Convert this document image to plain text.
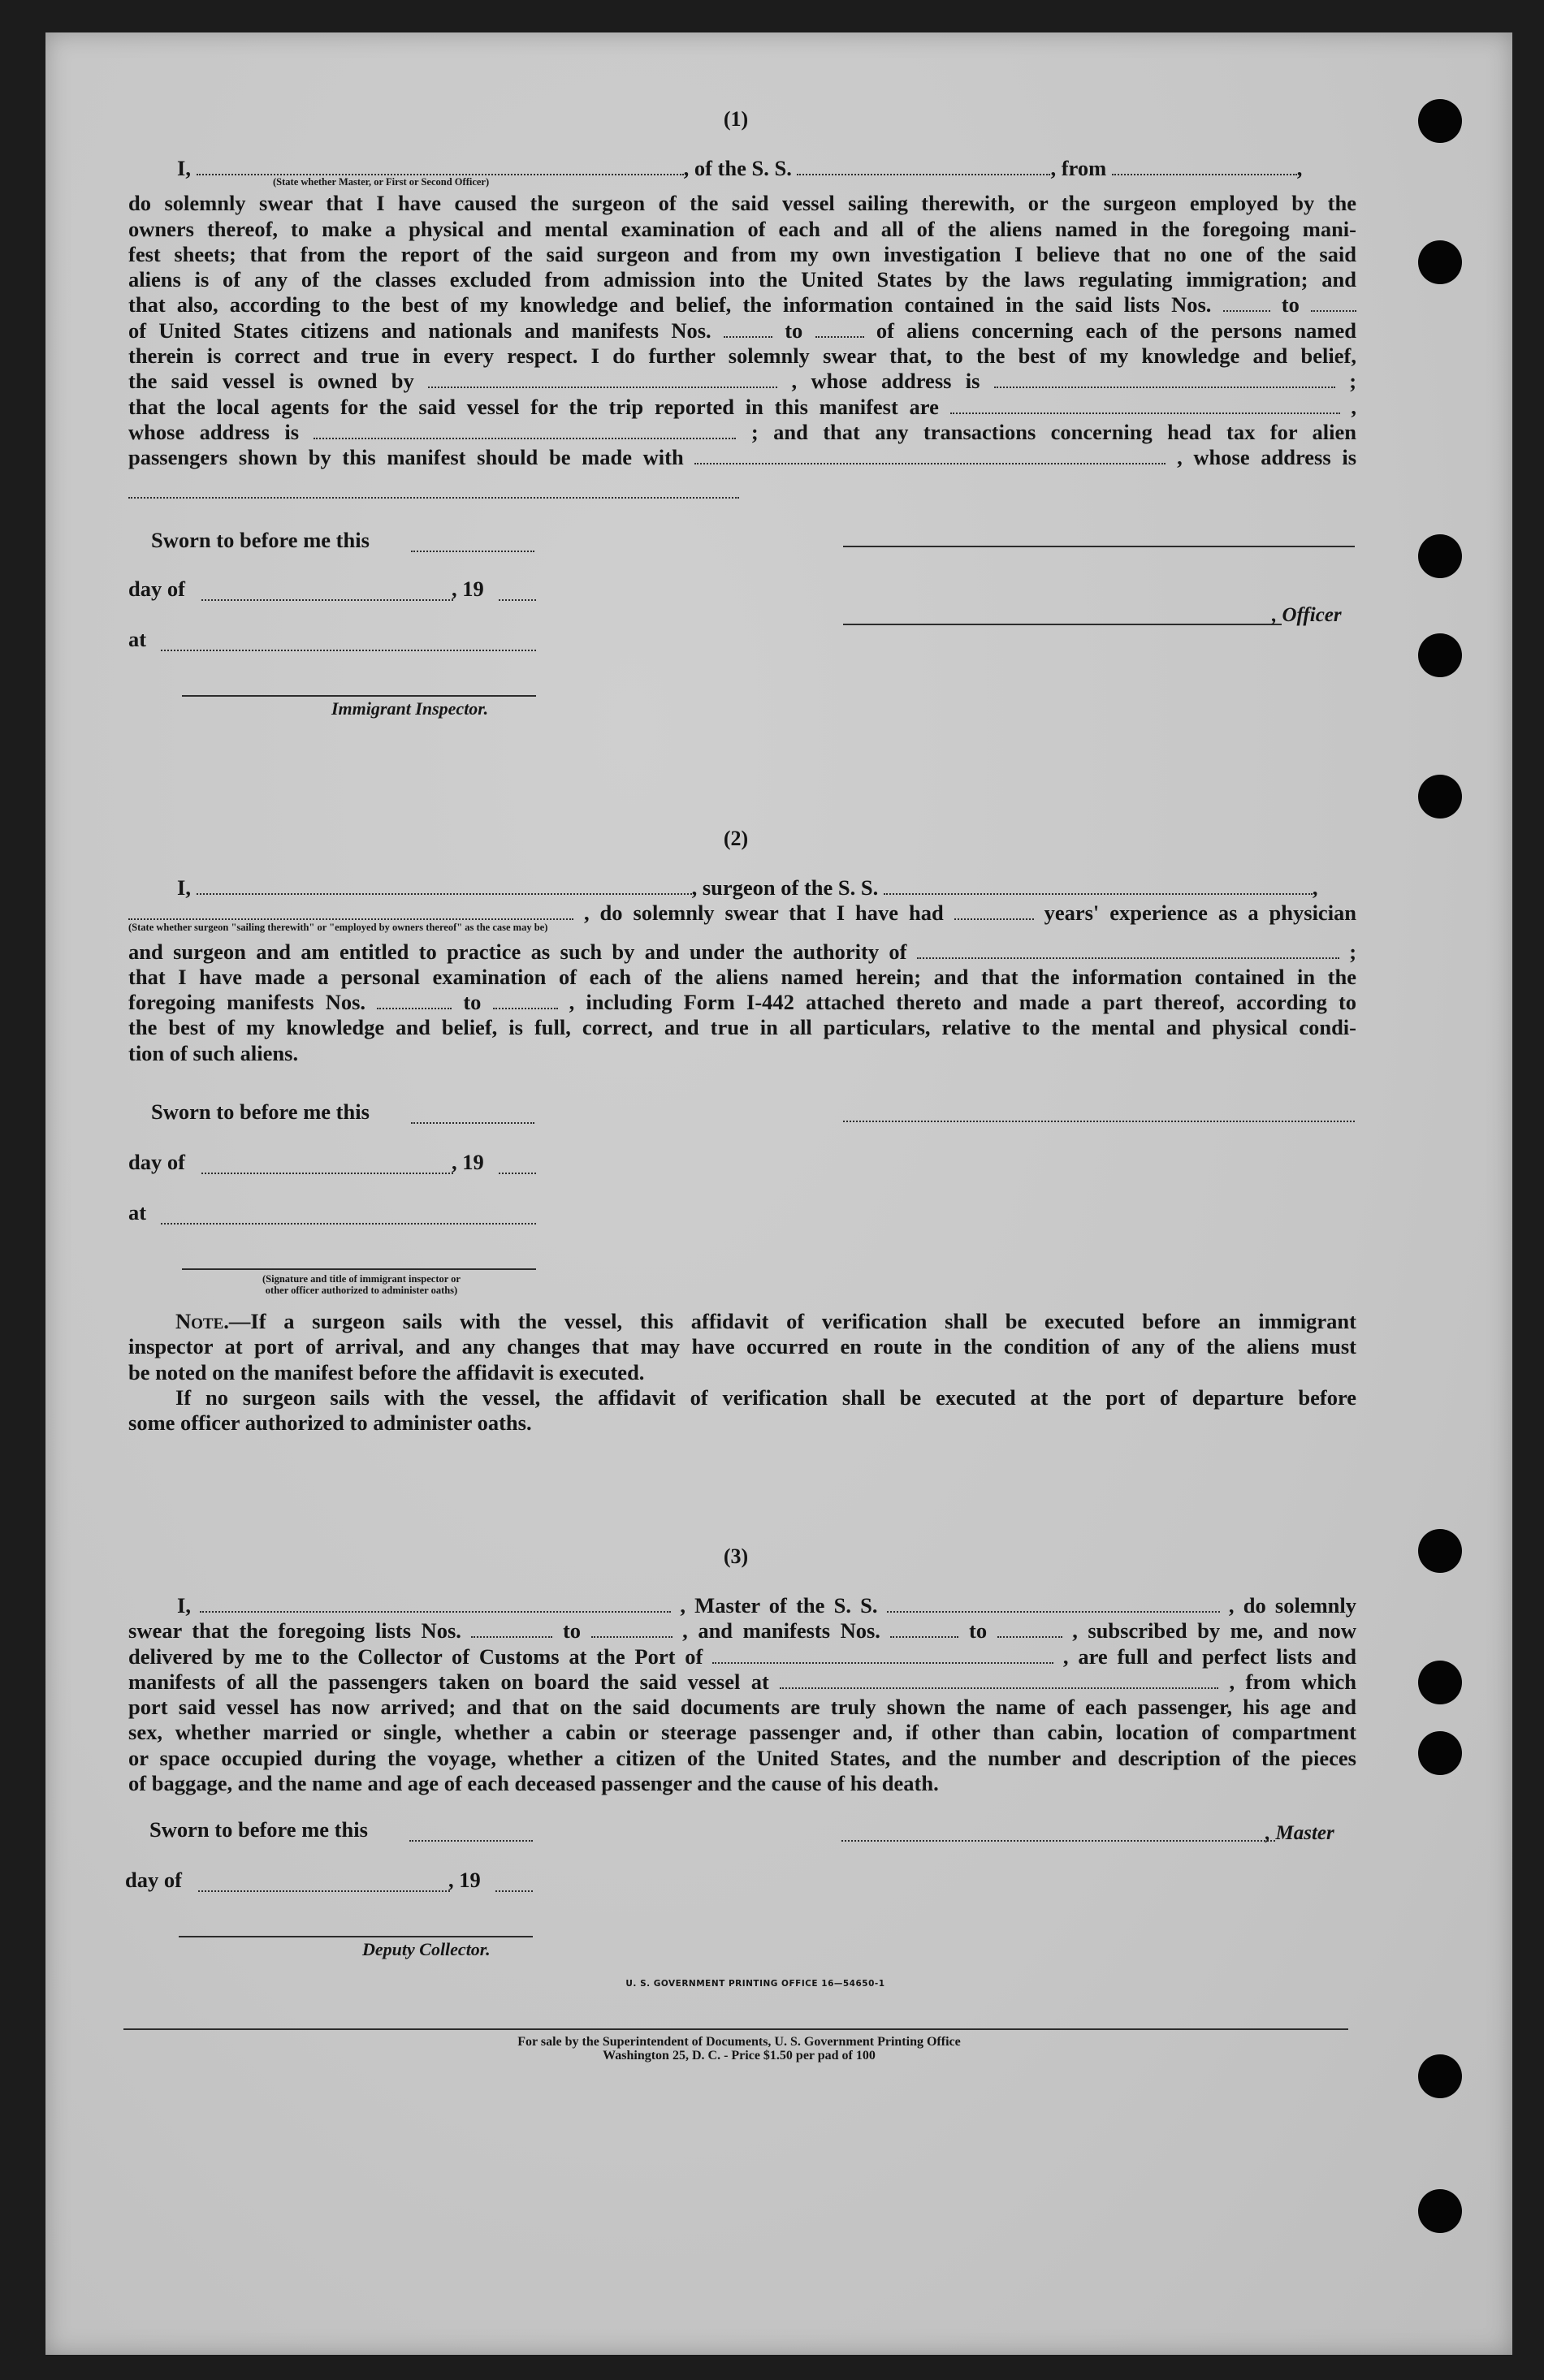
(1)

I,	, of the S. S.	, from	,

(State whether Master, or First or Second Officer)

do solemnly swear that I have caused the surgeon of the said vessel sailing therewith, or the surgeon employed by the

owners thereof, to make a physical and mental examination of each and all of the aliens named in the foregoing mani-

fest sheets; that from the report of the said surgeon and from my own investigation I believe that no one of the said

aliens is of any of the classes excluded from admission into the United States by the laws regulating immigration; and

that also, according to the best of my knowledge and belief, the information contained in the said lists Nos.	to

of United States citizens and nationals and manifests Nos.	to	of aliens concerning each of the persons named

therein is correct and true in every respect. I do further solemnly swear that, to the best of my knowledge and belief,

the said vessel is owned by	, whose address is	;

that the local agents for the said vessel for the trip reported in this manifest are	,

whose address is	; and that any transactions concerning head tax for alien

passengers shown by this manifest should be made with	, whose address is

Sworn to before me this
day of	, 19
at
Immigrant Inspector.
, Officer
(2)

I,	, surgeon of the S. S.	,

, do solemnly swear that I have had	years' experience as a physician

(State whether surgeon "sailing therewith" or "employed by owners thereof" as the case may be)

and surgeon and am entitled to practice as such by and under the authority of	;

that I have made a personal examination of each of the aliens named herein; and that the information contained in the

foregoing manifests Nos.	to	, including Form I-442 attached thereto and made a part thereof, according to

the best of my knowledge and belief, is full, correct, and true in all particulars, relative to the mental and physical condi-

tion of such aliens.

Sworn to before me this
day of	, 19
at
(Signature and title of immigrant inspector or
other officer authorized to administer oaths)

Note.—If a surgeon sails with the vessel, this affidavit of verification shall be executed before an immigrant

inspector at port of arrival, and any changes that may have occurred en route in the condition of any of the aliens must

be noted on the manifest before the affidavit is executed.

If no surgeon sails with the vessel, the affidavit of verification shall be executed at the port of departure before

some officer authorized to administer oaths.

(3)

I,	, Master of the S. S.	, do solemnly

swear that the foregoing lists Nos.	to	, and manifests Nos.	to	, subscribed by me, and now

delivered by me to the Collector of Customs at the Port of	, are full and perfect lists and

manifests of all the passengers taken on board the said vessel at	, from which

port said vessel has now arrived; and that on the said documents are truly shown the name of each passenger, his age and

sex, whether married or single, whether a cabin or steerage passenger and, if other than cabin, location of compartment

or space occupied during the voyage, whether a citizen of the United States, and the number and description of the pieces

of baggage, and the name and age of each deceased passenger and the cause of his death.

Sworn to before me this	, Master
day of	, 19
Deputy Collector.
U. S. GOVERNMENT PRINTING OFFICE 16—54650-1
For sale by the Superintendent of Documents, U. S. Government Printing Office
Washington 25, D. C. - Price $1.50 per pad of 100
